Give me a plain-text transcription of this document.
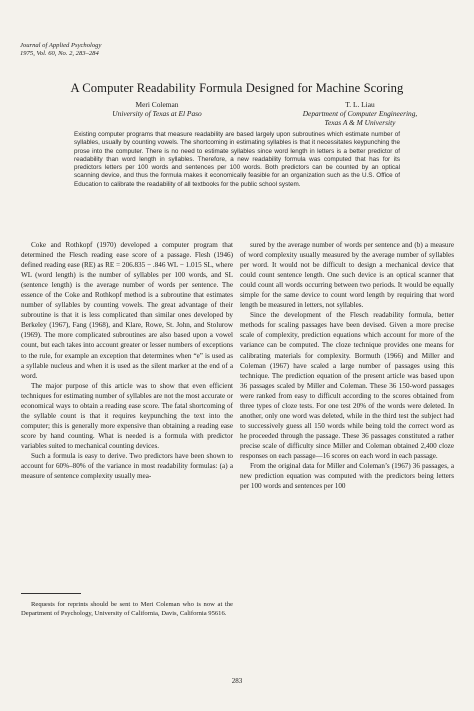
Journal of Applied Psychology
1975, Vol. 60, No. 2, 283–284
A Computer Readability Formula Designed for Machine Scoring
Meri Coleman
University of Texas at El Paso
T. L. Liau
Department of Computer Engineering,
Texas A & M University
Existing computer programs that measure readability are based largely upon subroutines which estimate number of syllables, usually by counting vowels. The shortcoming in estimating syllables is that it necessitates keypunching the prose into the computer. There is no need to estimate syllables since word length in letters is a better predictor of readability than word length in syllables. Therefore, a new readability formula was computed that has for its predictors letters per 100 words and sentences per 100 words. Both predictors can be counted by an optical scanning device, and thus the formula makes it economically feasible for an organization such as the U.S. Office of Education to calibrate the readability of all textbooks for the public school system.

Coke and Rothkopf (1970) developed a computer program that determined the Flesch reading ease score of a passage. Flesh (1946) defined reading ease (RE) as RE = 206.835 − .846 WL − 1.015 SL, where WL (word length) is the number of syllables per 100 words, and SL (sentence length) is the average number of words per sentence. The essence of the Coke and Rothkopf method is a subroutine that estimates number of syllables by counting vowels. The great advantage of their subroutine is that it is less complicated than similar ones developed by Berkeley (1967), Fang (1968), and Klare, Rowe, St. John, and Stolurow (1969). The more complicated subroutines are also based upon a vowel count, but each takes into account greater or lesser numbers of exceptions to the rule, for example an exception that determines when “e” is used as a syllable nucleus and when it is used as the silent marker at the end of a word.

The major purpose of this article was to show that even efficient techniques for estimating number of syllables are not the most accurate or economical ways to obtain a reading ease score. The fatal shortcoming of the syllable count is that it requires keypunching the text into the computer; this is generally more expensive than obtaining a reading ease score by hand counting. What is needed is a formula with predictor variables suited to mechanical counting devices.

Such a formula is easy to derive. Two predictors have been shown to account for 60%–80% of the variance in most readability formulas: (a) a measure of sentence complexity usually mea-

Requests for reprints should be sent to Meri Coleman who is now at the Department of Psychology, University of California, Davis, California 95616.

sured by the average number of words per sentence and (b) a measure of word complexity usually measured by the average number of syllables per word. It would not be difficult to design a mechanical device that could count sentence length. One such device is an optical scanner that could count all words occurring between two periods. It would be equally simple for the same device to count word length by requiring that word length be measured in letters, not syllables.

Since the development of the Flesch readability formula, better methods for scaling passages have been devised. Given a more precise scale of complexity, prediction equations which account for more of the variance can be computed. The cloze technique provides one means for calibrating materials for complexity. Bormuth (1966) and Miller and Coleman (1967) have scaled a large number of passages using this technique. The prediction equation of the present article was based upon 36 passages scaled by Miller and Coleman. These 36 150-word passages were ranked from easy to difficult according to the scores obtained from three types of cloze tests. For one test 20% of the words were deleted. In another, only one word was deleted, while in the third test the subject had to successively guess all 150 words while being told the correct word as he proceeded through the passage. These 36 passages constituted a rather precise scale of difficulty since Miller and Coleman obtained 2,400 cloze responses on each passage—16 scores on each word in each passage.

From the original data for Miller and Coleman’s (1967) 36 passages, a new prediction equation was computed with the predictors being letters per 100 words and sentences per 100

283
